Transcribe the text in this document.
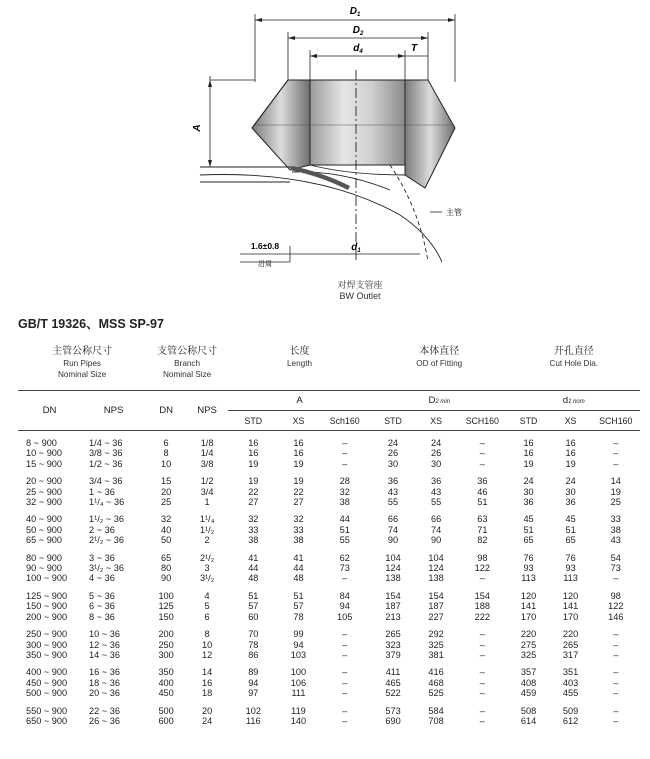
$D_1$
$D_2$
$d_4$	T
A
$d_1$
1.6±0.8
沿周
主管
对焊支管座
BW Outlet
GB/T 19326、MSS SP-97
主管公称尺寸
Run Pipes
Nominal Size		支管公称尺寸
Branch
Nominal Size		长度
Length			本体直径
OD of Fitting			开孔直径
Cut Hole Dia.		

DN	NPS	DN	NPS	A			D2 min			d1 nom		
				STD	XS	Sch160	STD	XS	SCH160	STD	XS	SCH160

8 ~ 900	1/4 ~ 36	6	1/8	16	16	–	24	24	–	16	16	–
10 ~ 900	3/8 ~ 36	8	1/4	16	16	–	26	26	–	16	16	–
15 ~ 900	1/2 ~ 36	10	3/8	19	19	–	30	30	–	19	19	–

20 ~ 900	3/4 ~ 36	15	1/2	19	19	28	36	36	36	24	24	14
25 ~ 900	1 ~ 36	20	3/4	22	22	32	43	43	46	30	30	19
32 ~ 900	1¹/₄ ~ 36	25	1	27	27	38	55	55	51	36	36	25

40 ~ 900	1¹/₂ ~ 36	32	1¹/₄	32	32	44	66	66	63	45	45	33
50 ~ 900	2 ~ 36	40	1¹/₂	33	33	51	74	74	71	51	51	38
65 ~ 900	2¹/₂ ~ 36	50	2	38	38	55	90	90	82	65	65	43

80 ~ 900	3 ~ 36	65	2¹/₂	41	41	62	104	104	98	76	76	54
90 ~ 900	3¹/₂ ~ 36	80	3	44	44	73	124	124	122	93	93	73
100 ~ 900	4 ~ 36	90	3¹/₂	48	48	–	138	138	–	113	113	–

125 ~ 900	5 ~ 36	100	4	51	51	84	154	154	154	120	120	98
150 ~ 900	6 ~ 36	125	5	57	57	94	187	187	188	141	141	122
200 ~ 900	8 ~ 36	150	6	60	78	105	213	227	222	170	170	146

250 ~ 900	10 ~ 36	200	8	70	99	–	265	292	–	220	220	–
300 ~ 900	12 ~ 36	250	10	78	94	–	323	325	–	275	265	–
350 ~ 900	14 ~ 36	300	12	86	103	–	379	381	–	325	317	–

400 ~ 900	16 ~ 36	350	14	89	100	–	411	416	–	357	351	–
450 ~ 900	18 ~ 36	400	16	94	106	–	465	468	–	408	403	–
500 ~ 900	20 ~ 36	450	18	97	111	–	522	525	–	459	455	–

550 ~ 900	22 ~ 36	500	20	102	119	–	573	584	–	508	509	–
650 ~ 900	26 ~ 36	600	24	116	140	–	690	708	–	614	612	–
